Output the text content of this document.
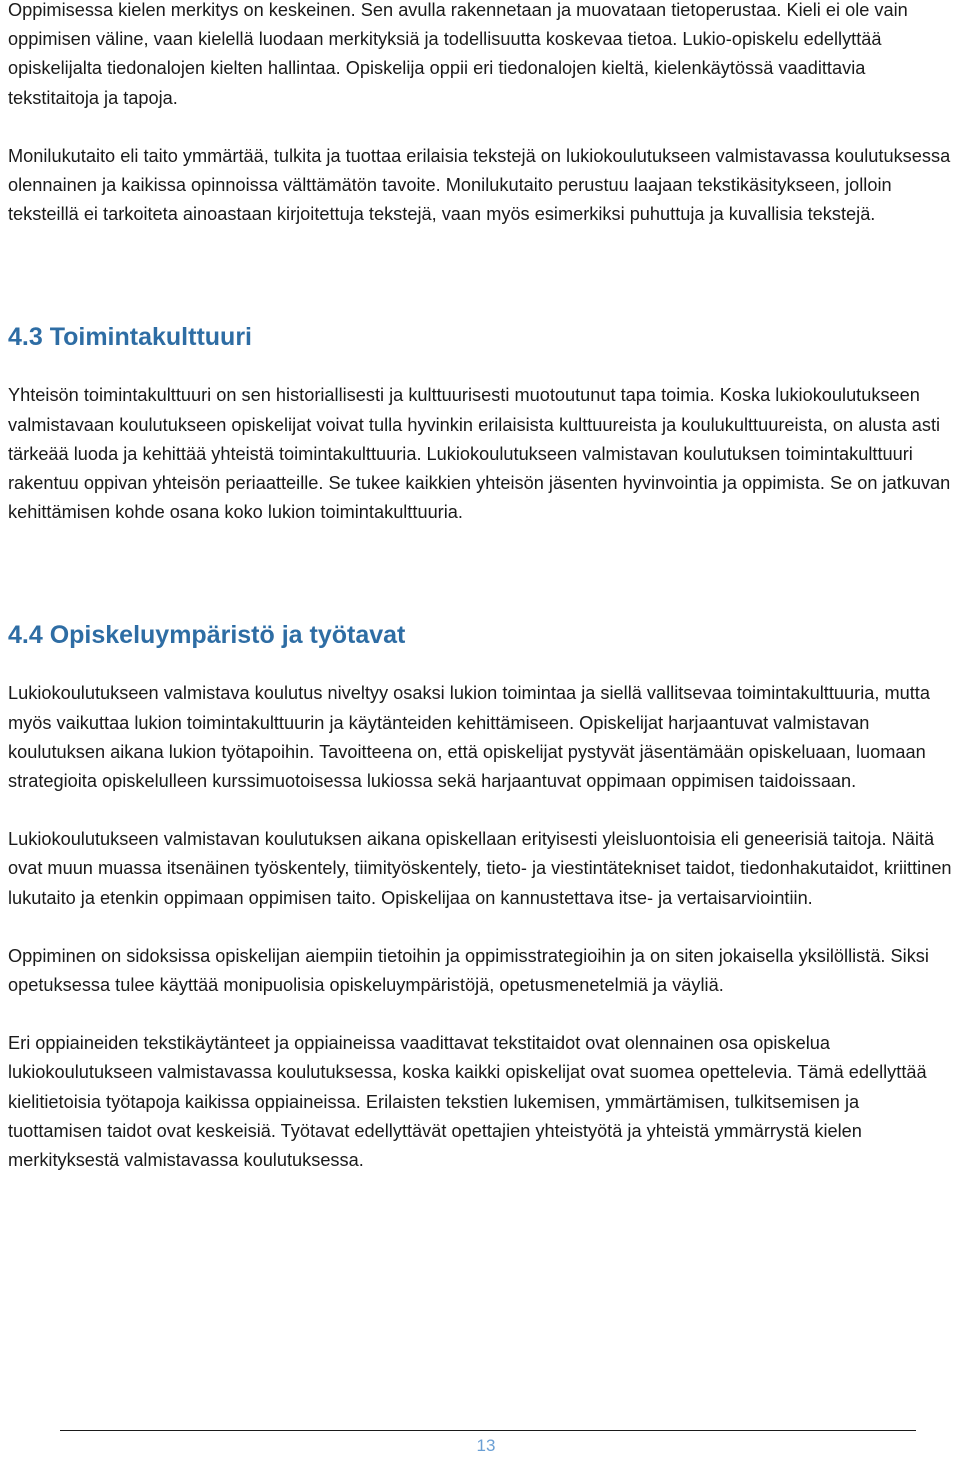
Oppimisessa kielen merkitys on keskeinen. Sen avulla rakennetaan ja muovataan tietoperustaa. Kieli ei ole vain oppimisen väline, vaan kielellä luodaan merkityksiä ja todellisuutta koskevaa tietoa. Lukio-opiskelu edellyttää opiskelijalta tiedonalojen kielten hallintaa. Opiskelija oppii eri tiedonalojen kieltä, kielenkäytössä vaadittavia tekstitaitoja ja tapoja.

Monilukutaito eli taito ymmärtää, tulkita ja tuottaa erilaisia tekstejä on lukiokoulutukseen valmistavassa koulutuksessa olennainen ja kaikissa opinnoissa välttämätön tavoite. Monilukutaito perustuu laajaan tekstikäsitykseen, jolloin teksteillä ei tarkoiteta ainoastaan kirjoitettuja tekstejä, vaan myös esimerkiksi puhuttuja ja kuvallisia tekstejä.

4.3 Toimintakulttuuri

Yhteisön toimintakulttuuri on sen historiallisesti ja kulttuurisesti muotoutunut tapa toimia. Koska lukiokoulutukseen valmistavaan koulutukseen opiskelijat voivat tulla hyvinkin erilaisista kulttuureista ja koulukulttuureista, on alusta asti tärkeää luoda ja kehittää yhteistä toimintakulttuuria. Lukiokoulutukseen valmistavan koulutuksen toimintakulttuuri rakentuu oppivan yhteisön periaatteille. Se tukee kaikkien yhteisön jäsenten hyvinvointia ja oppimista. Se on jatkuvan kehittämisen kohde osana koko lukion toimintakulttuuria.

4.4 Opiskeluympäristö ja työtavat

Lukiokoulutukseen valmistava koulutus niveltyy osaksi lukion toimintaa ja siellä vallitsevaa toimintakulttuuria, mutta myös vaikuttaa lukion toimintakulttuurin ja käytänteiden kehittämiseen. Opiskelijat harjaantuvat valmistavan koulutuksen aikana lukion työtapoihin. Tavoitteena on, että opiskelijat pystyvät jäsentämään opiskeluaan, luomaan strategioita opiskelulleen kurssimuotoisessa lukiossa sekä harjaantuvat oppimaan oppimisen taidoissaan.

Lukiokoulutukseen valmistavan koulutuksen aikana opiskellaan erityisesti yleisluontoisia eli geneerisiä taitoja. Näitä ovat muun muassa itsenäinen työskentely, tiimityöskentely, tieto- ja viestintätekniset taidot, tiedonhakutaidot, kriittinen lukutaito ja etenkin oppimaan oppimisen taito. Opiskelijaa on kannustettava itse- ja vertaisarviointiin.

Oppiminen on sidoksissa opiskelijan aiempiin tietoihin ja oppimisstrategioihin ja on siten jokaisella yksilöllistä. Siksi opetuksessa tulee käyttää monipuolisia opiskeluympäristöjä, opetusmenetelmiä ja väyliä.

Eri oppiaineiden tekstikäytänteet ja oppiaineissa vaadittavat tekstitaidot ovat olennainen osa opiskelua lukiokoulutukseen valmistavassa koulutuksessa, koska kaikki opiskelijat ovat suomea opettelevia. Tämä edellyttää kielitietoisia työtapoja kaikissa oppiaineissa. Erilaisten tekstien lukemisen, ymmärtämisen, tulkitsemisen ja tuottamisen taidot ovat keskeisiä. Työtavat edellyttävät opettajien yhteistyötä ja yhteistä ymmärrystä kielen merkityksestä valmistavassa koulutuksessa.

13
